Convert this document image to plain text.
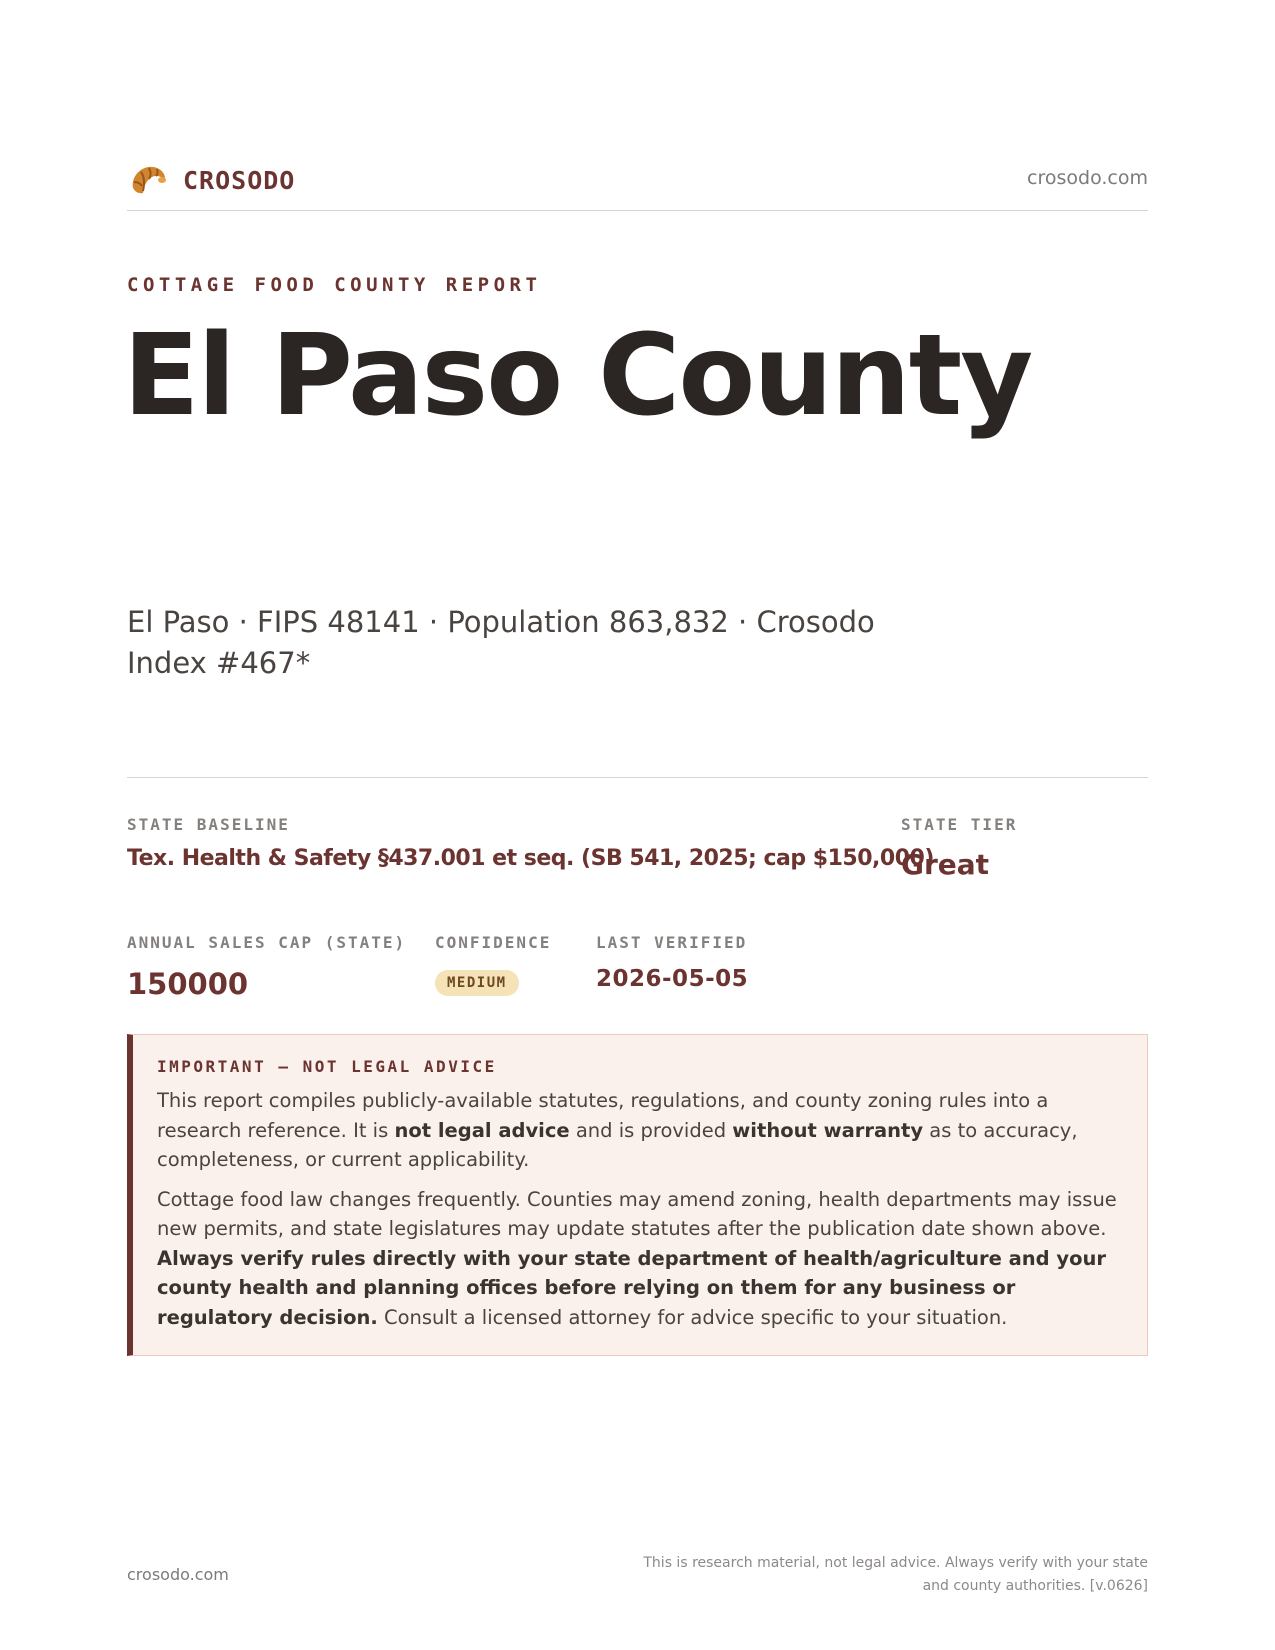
CROSODO	crosodo.com
COTTAGE FOOD COUNTY REPORT
El Paso County
El Paso · FIPS 48141 · Population 863,832 · Crosodo Index #467*
STATE BASELINE
Tex. Health & Safety §437.001 et seq. (SB 541, 2025; cap $150,000)
STATE TIER
Great
ANNUAL SALES CAP (STATE)
150000
CONFIDENCE
MEDIUM
LAST VERIFIED
2026-05-05
IMPORTANT — NOT LEGAL ADVICE

This report compiles publicly-available statutes, regulations, and county zoning rules into a research reference. It is not legal advice and is provided without warranty as to accuracy, completeness, or current applicability.

Cottage food law changes frequently. Counties may amend zoning, health departments may issue new permits, and state legislatures may update statutes after the publication date shown above. Always verify rules directly with your state department of health/agriculture and your county health and planning offices before relying on them for any business or regulatory decision. Consult a licensed attorney for advice specific to your situation.

crosodo.com
This is research material, not legal advice. Always verify with your state and county authorities. [v.0626]
